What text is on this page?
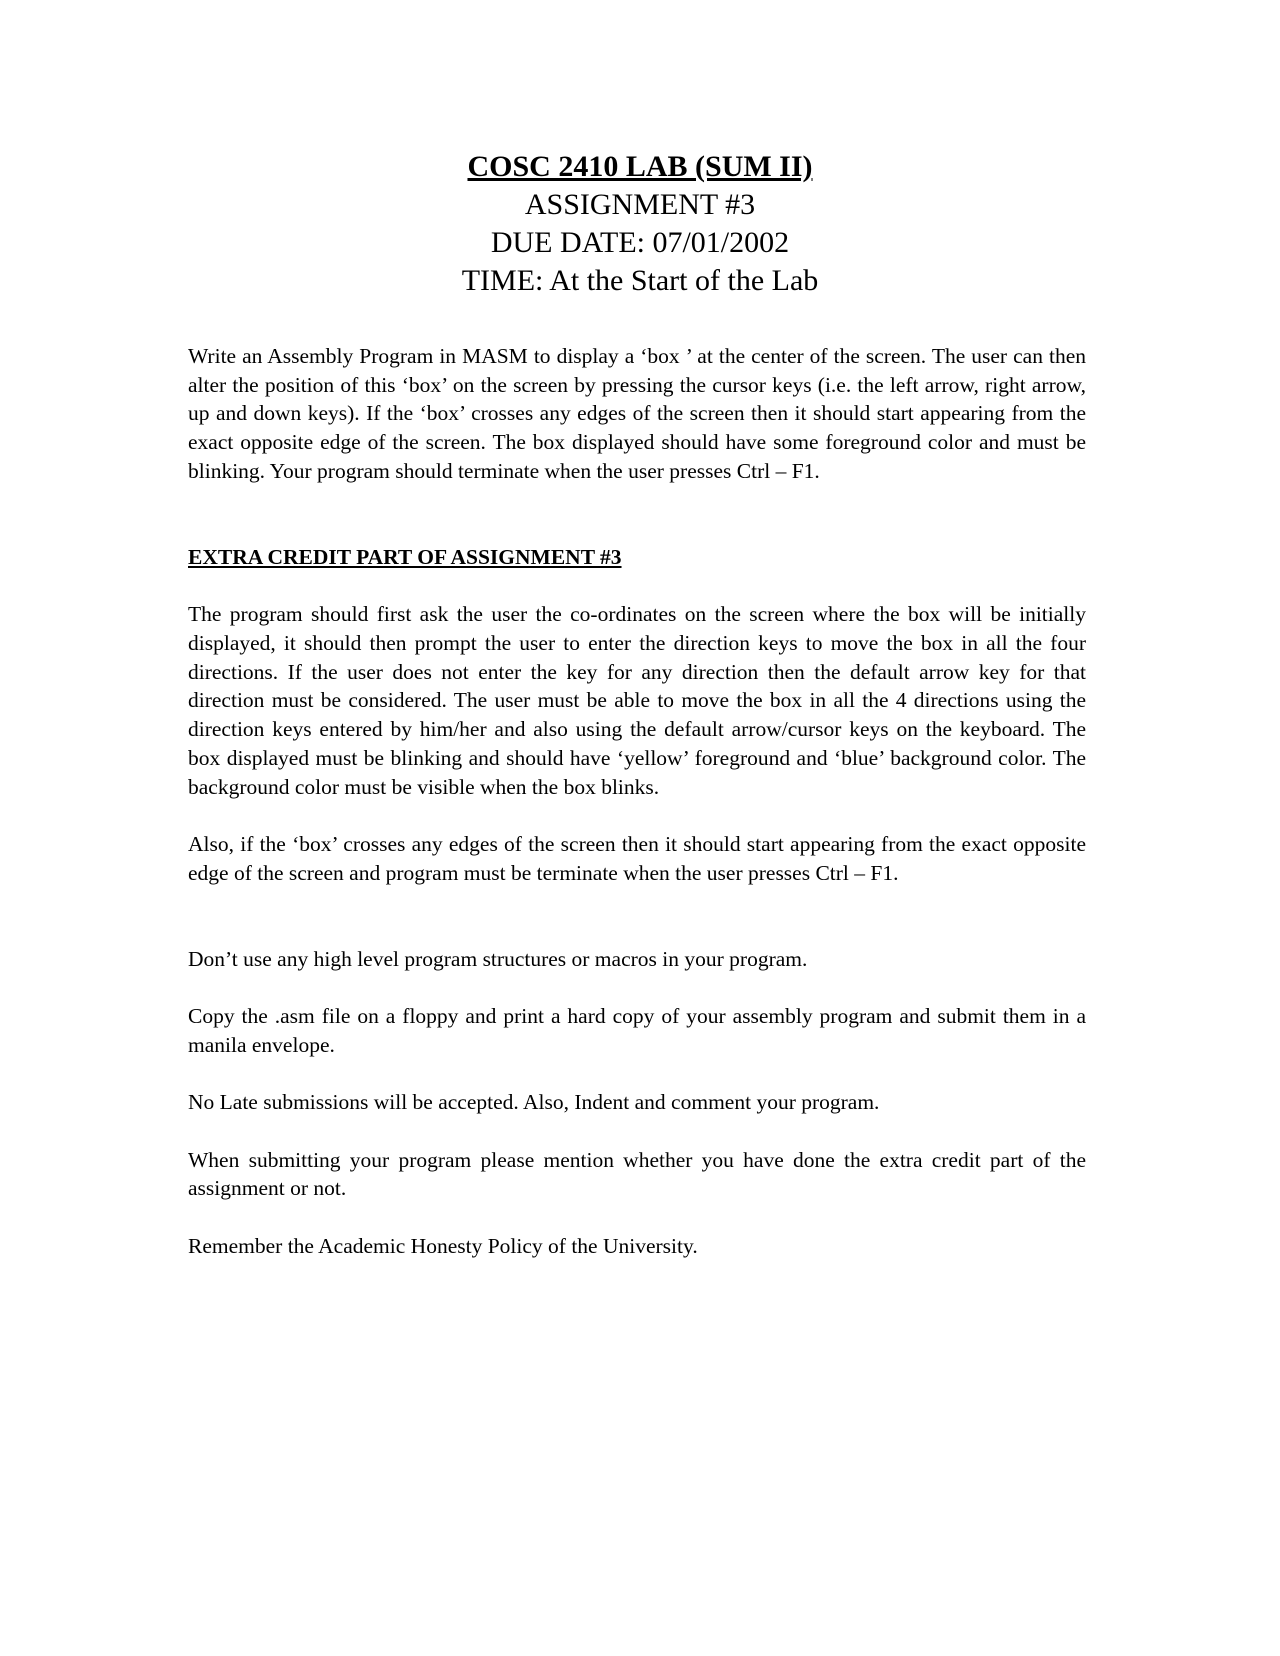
COSC 2410 LAB (SUM II)
ASSIGNMENT #3
DUE DATE: 07/01/2002
TIME: At the Start of the Lab

Write an Assembly Program in MASM to display a ‘box ’ at the center of the screen. The user can then alter the position of this ‘box’ on the screen by pressing the cursor keys (i.e. the left arrow, right arrow, up and down keys). If the ‘box’ crosses any edges of the screen then it should start appearing from the exact opposite edge of the screen. The box displayed should have some foreground color and must be blinking. Your program should terminate when the user presses Ctrl – F1.

EXTRA CREDIT PART OF ASSIGNMENT #3

The program should first ask the user the co-ordinates on the screen where the box will be initially displayed, it should then prompt the user to enter the direction keys to move the box in all the four directions. If the user does not enter the key for any direction then the default arrow key for that direction must be considered. The user must be able to move the box in all the 4 directions using the direction keys entered by him/her and also using the default arrow/cursor keys on the keyboard. The box displayed must be blinking and should have ‘yellow’ foreground and ‘blue’ background color. The background color must be visible when the box blinks.

Also, if the ‘box’ crosses any edges of the screen then it should start appearing from the exact opposite edge of the screen and program must be terminate when the user presses Ctrl – F1.

Don’t use any high level program structures or macros in your program.

Copy the .asm file on a floppy and print a hard copy of your assembly program and submit them in a manila envelope.

No Late submissions will be accepted. Also, Indent and comment your program.

When submitting your program please mention whether you have done the extra credit part of the assignment or not.

Remember the Academic Honesty Policy of the University.
